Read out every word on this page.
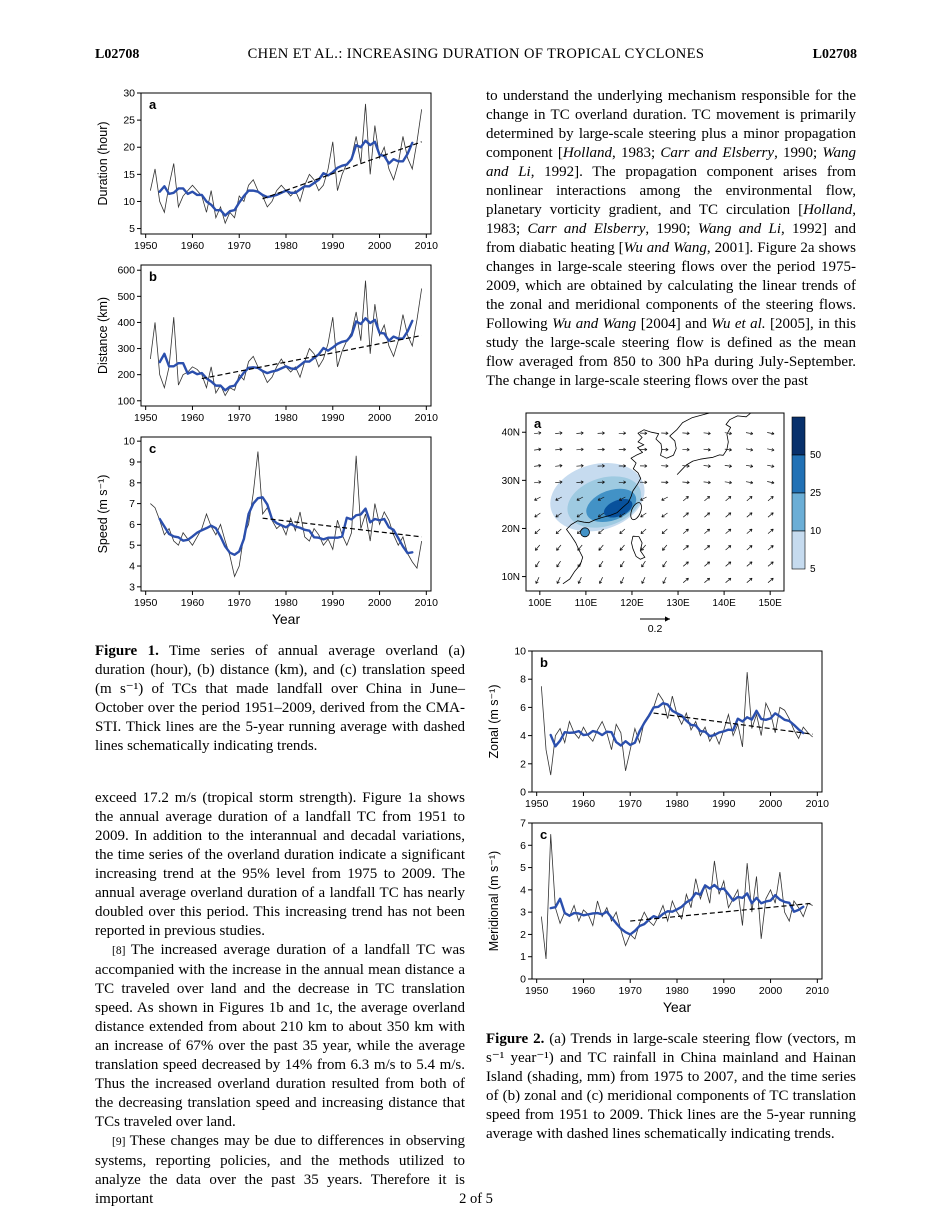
L02708	CHEN ET AL.: INCREASING DURATION OF TROPICAL CYCLONES	L02708
5
10
15
20
25
30
1950 1960 1970 1980 1990 2000 2010
Duration (hour)
a
100
200
300
400
500
600
1950 1960 1970 1980 1990 2000 2010
Distance (km)
b
3
4
5
6
7
8
9
10
1950 1960 1970 1980 1990 2000 2010
Speed (m s⁻¹)
c
Year

Figure 1. Time series of annual average overland (a) duration (hour), (b) distance (km), and (c) translation speed (m s⁻¹) of TCs that made landfall over China in June–October over the period 1951–2009, derived from the CMA-STI. Thick lines are the 5-year running average with dashed lines schematically indicating trends.

exceed 17.2 m/s (tropical storm strength). Figure 1a shows the annual average duration of a landfall TC from 1951 to 2009. In addition to the interannual and decadal variations, the time series of the overland duration indicate a significant increasing trend at the 95% level from 1975 to 2009. The annual average overland duration of a landfall TC has nearly doubled over this period. This increasing trend has not been reported in previous studies.

[8] The increased average duration of a landfall TC was accompanied with the increase in the annual mean distance a TC traveled over land and the decrease in TC translation speed. As shown in Figures 1b and 1c, the average overland distance extended from about 210 km to about 350 km with an increase of 67% over the past 35 year, while the average translation speed decreased by 14% from 6.3 m/s to 5.4 m/s. Thus the increased overland duration resulted from both of the decreasing translation speed and increasing distance that TCs traveled over land.

[9] These changes may be due to differences in observing systems, reporting policies, and the methods utilized to analyze the data over the past 35 years. Therefore it is important

to understand the underlying mechanism responsible for the change in TC overland duration. TC movement is primarily determined by large-scale steering plus a minor propagation component [Holland, 1983; Carr and Elsberry, 1990; Wang and Li, 1992]. The propagation component arises from nonlinear interactions among the environmental flow, planetary vorticity gradient, and TC circulation [Holland, 1983; Carr and Elsberry, 1990; Wang and Li, 1992] and from diabatic heating [Wu and Wang, 2001]. Figure 2a shows changes in large-scale steering flows over the period 1975-2009, which are obtained by calculating the linear trends of the zonal and meridional components of the steering flows. Following Wu and Wang [2004] and Wu et al. [2005], in this study the large-scale steering flow is defined as the mean flow averaged from 850 to 300 hPa during July-September. The change in large-scale steering flows over the past

100E 110E 120E 130E 140E 150E
10N
20N
30N
40N
a
50
25
10
5
0.2
0
2
4
6
8
10
1950 1960 1970 1980 1990 2000 2010
Zonal (m s⁻¹)
b
0
1
2
3
4
5
6
7
1950 1960 1970 1980 1990 2000 2010
Meridional (m s⁻¹)
c
Year

Figure 2. (a) Trends in large-scale steering flow (vectors, m s⁻¹ year⁻¹) and TC rainfall in China mainland and Hainan Island (shading, mm) from 1975 to 2007, and the time series of (b) zonal and (c) meridional components of TC translation speed from 1951 to 2009. Thick lines are the 5-year running average with dashed lines schematically indicating trends.

2 of 5
